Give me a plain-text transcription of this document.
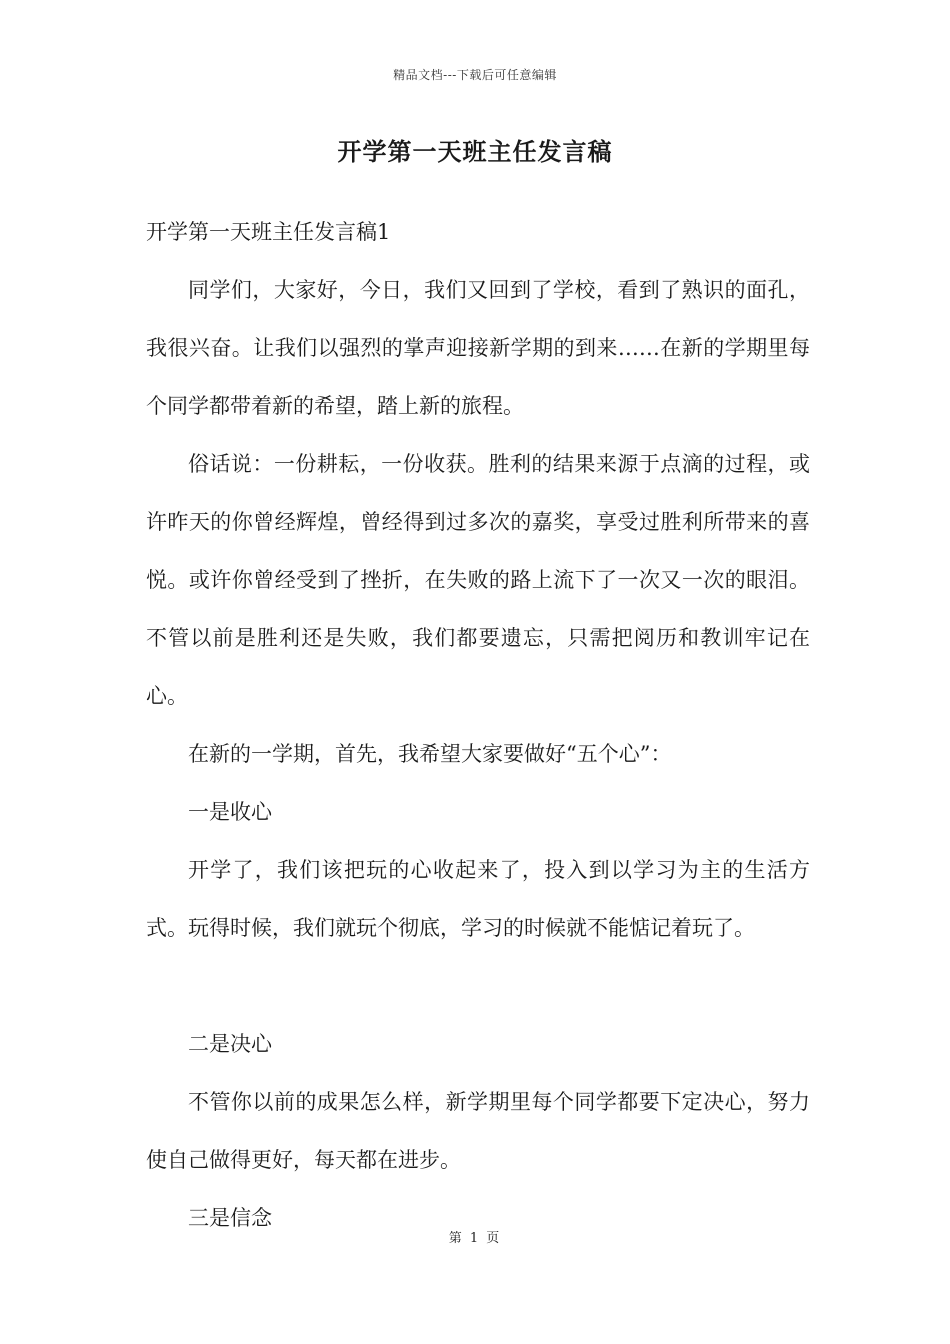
精品文档---下载后可任意编辑
开学第一天班主任发言稿

开学第一天班主任发言稿1

同学们，大家好，今日，我们又回到了学校，看到了熟识的面孔，我很兴奋。让我们以强烈的掌声迎接新学期的到来……在新的学期里每个同学都带着新的希望，踏上新的旅程。

俗话说：一份耕耘，一份收获。胜利的结果来源于点滴的过程，或许昨天的你曾经辉煌，曾经得到过多次的嘉奖，享受过胜利所带来的喜悦。或许你曾经受到了挫折，在失败的路上流下了一次又一次的眼泪。不管以前是胜利还是失败，我们都要遗忘，只需把阅历和教训牢记在心。

在新的一学期，首先，我希望大家要做好“五个心”：

一是收心

开学了，我们该把玩的心收起来了，投入到以学习为主的生活方式。玩得时候，我们就玩个彻底，学习的时候就不能惦记着玩了。

二是决心

不管你以前的成果怎么样，新学期里每个同学都要下定决心，努力使自己做得更好，每天都在进步。

三是信念

第 1 页
